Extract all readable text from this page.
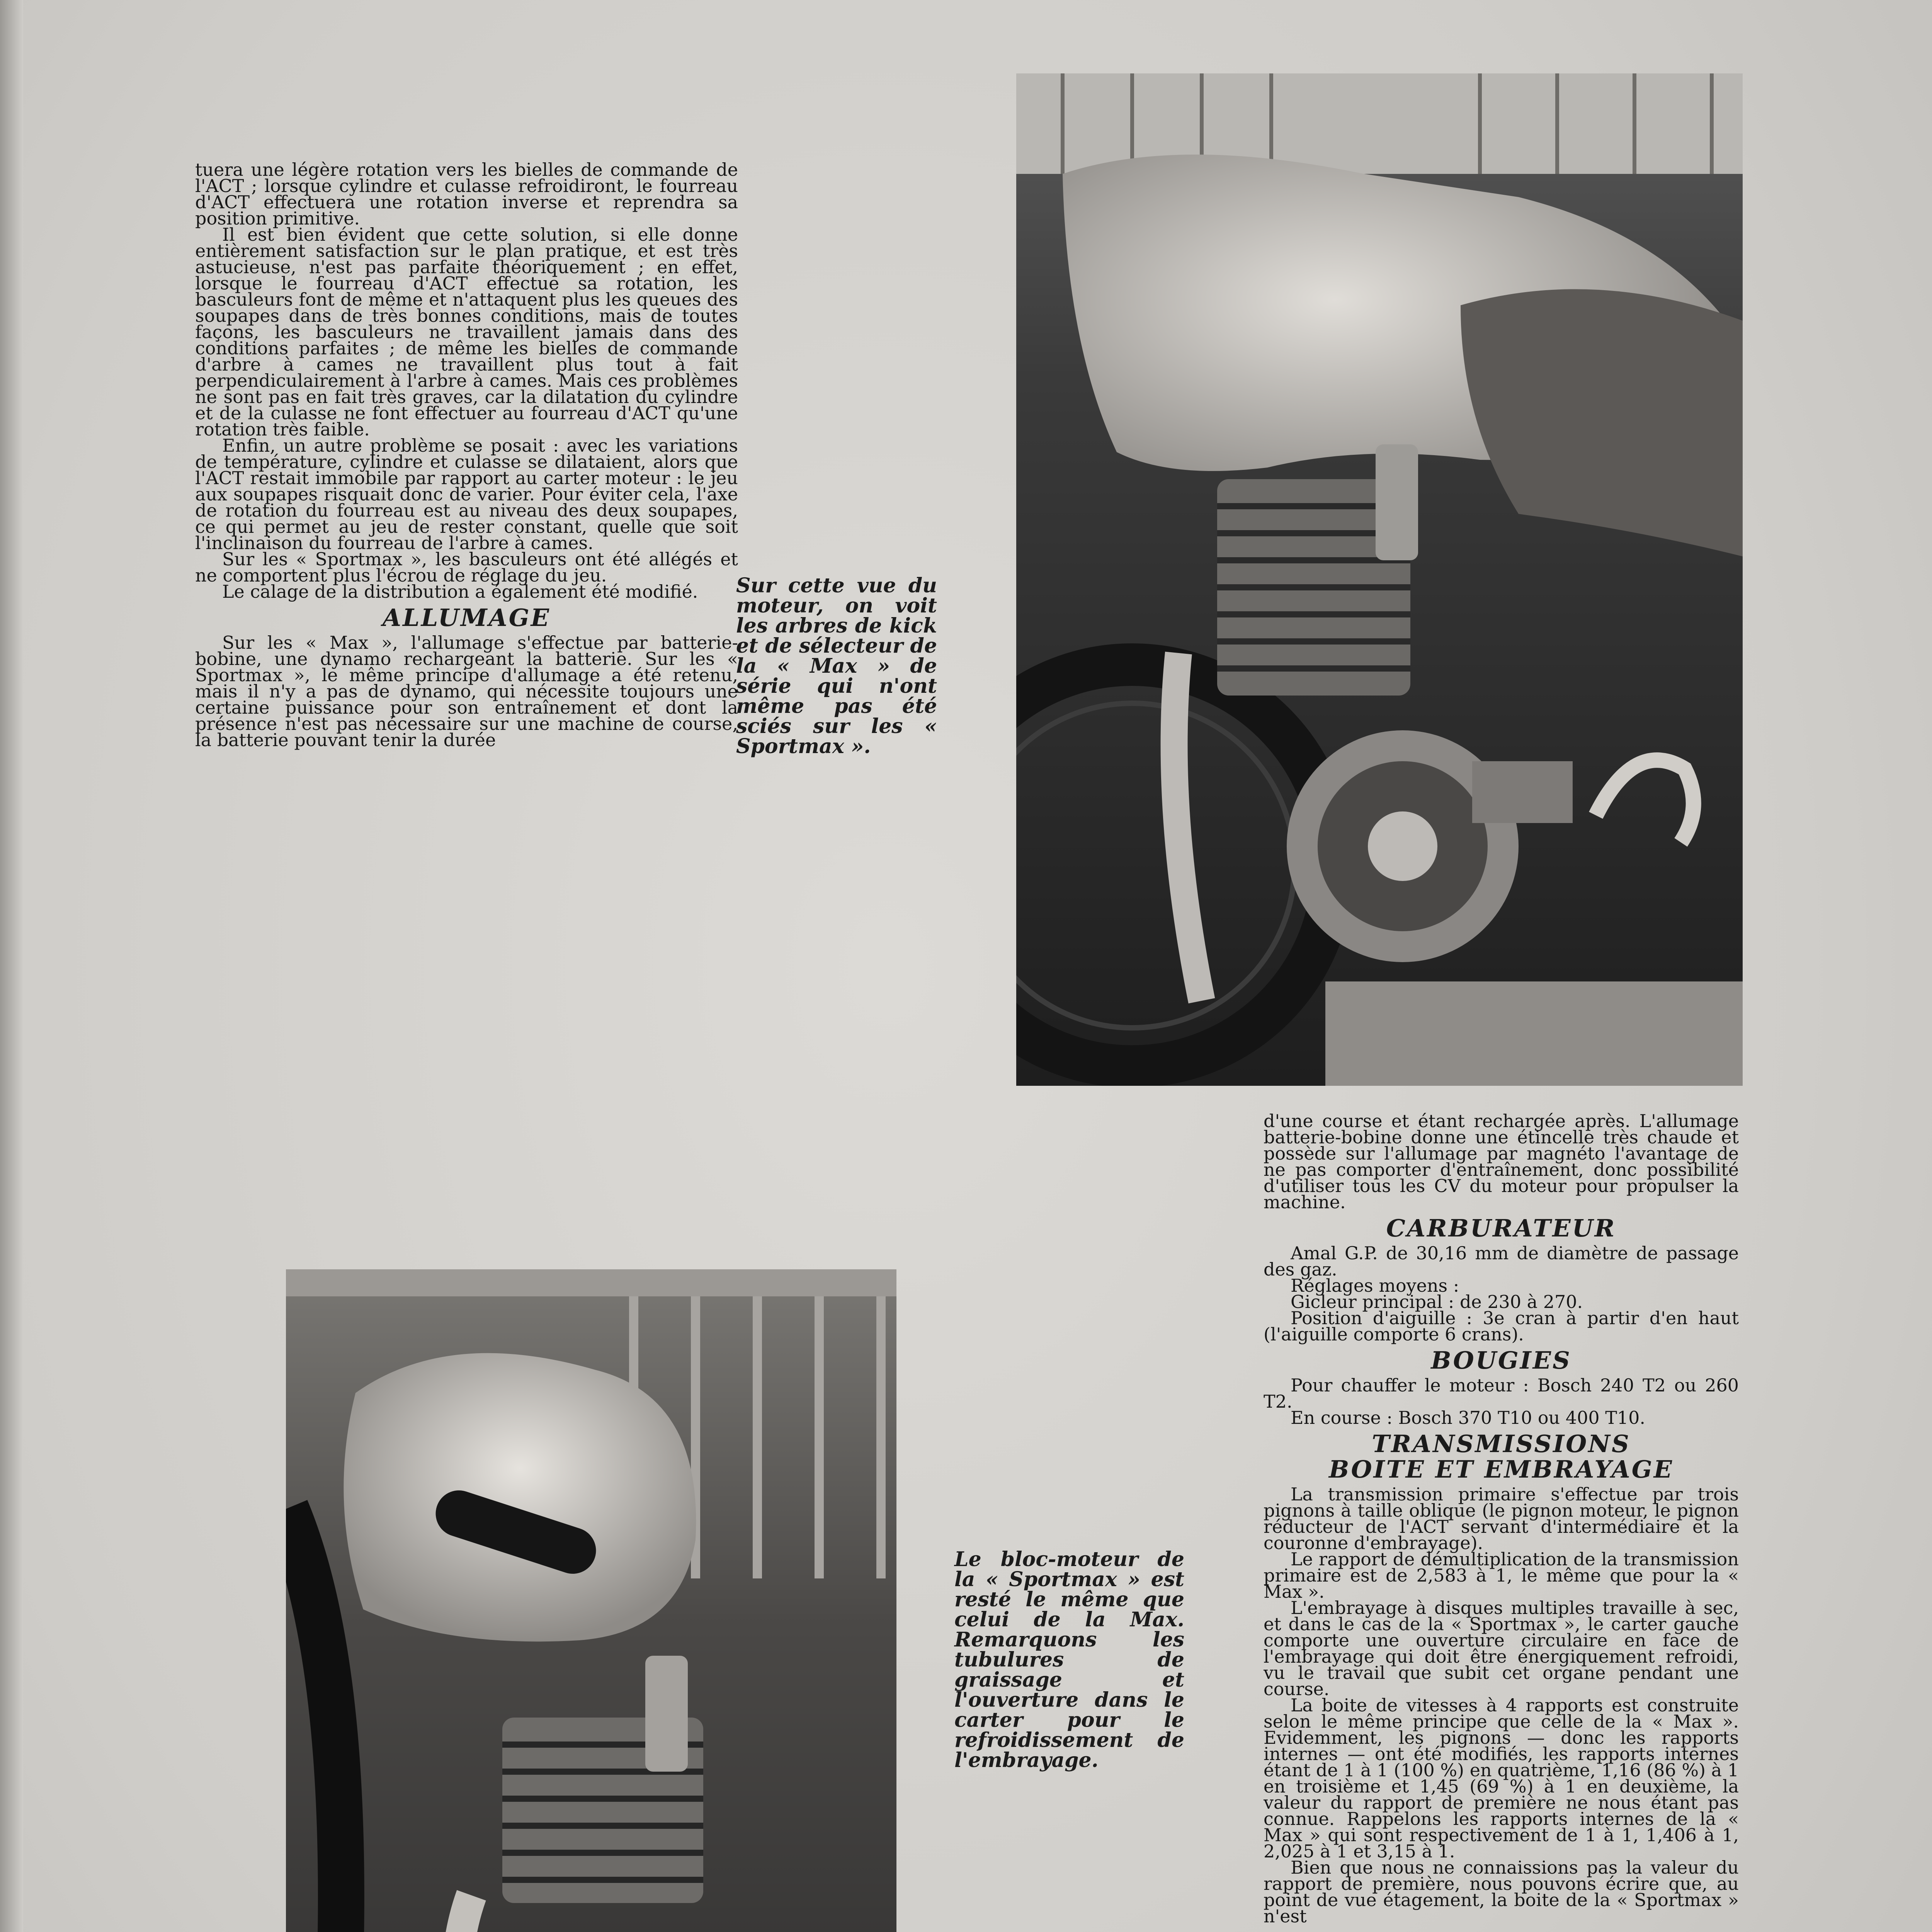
tuera une légère rotation vers les bielles de commande de l'ACT ; lorsque cylindre et culasse refroidiront, le fourreau d'ACT effectuera une rotation inverse et reprendra sa position primitive.

Il est bien évident que cette solution, si elle donne entièrement satisfaction sur le plan pratique, et est très astucieuse, n'est pas parfaite théoriquement ; en effet, lorsque le fourreau d'ACT effectue sa rotation, les basculeurs font de même et n'attaquent plus les queues des soupapes dans de très bonnes conditions, mais de toutes façons, les basculeurs ne travaillent jamais dans des conditions parfaites ; de même les bielles de commande d'arbre à cames ne travaillent plus tout à fait perpendiculairement à l'arbre à cames. Mais ces problèmes ne sont pas en fait très graves, car la dilatation du cylindre et de la culasse ne font effectuer au fourreau d'ACT qu'une rotation très faible.

Enfin, un autre problème se posait : avec les variations de température, cylindre et culasse se dilataient, alors que l'ACT restait immobile par rapport au carter moteur : le jeu aux soupapes risquait donc de varier. Pour éviter cela, l'axe de rotation du fourreau est au niveau des deux soupapes, ce qui permet au jeu de rester constant, quelle que soit l'inclinaison du fourreau de l'arbre à cames.

Sur les « Sportmax », les basculeurs ont été allégés et ne comportent plus l'écrou de réglage du jeu.

Le calage de la distribution a également été modifié.

ALLUMAGE

Sur les « Max », l'allumage s'effectue par batterie-bobine, une dynamo rechargeant la batterie. Sur les « Sportmax », le même principe d'allumage a été retenu, mais il n'y a pas de dynamo, qui nécessite toujours une certaine puissance pour son entraînement et dont la présence n'est pas nécessaire sur une machine de course, la batterie pouvant tenir la durée

Sur cette vue du moteur, on voit les arbres de kick et de sélecteur de la « Max » de série qui n'ont même pas été sciés sur les « Sportmax ».

d'une course et étant rechargée après. L'allumage batterie-bobine donne une étincelle très chaude et possède sur l'allumage par magnéto l'avantage de ne pas comporter d'entraînement, donc possibilité d'utiliser tous les CV du moteur pour propulser la machine.

CARBURATEUR

Amal G.P. de 30,16 mm de diamètre de passage des gaz.

Réglages moyens :

Gicleur principal : de 230 à 270.

Position d'aiguille : 3e cran à partir d'en haut (l'aiguille comporte 6 crans).

BOUGIES

Pour chauffer le moteur : Bosch 240 T2 ou 260 T2.

En course : Bosch 370 T10 ou 400 T10.

TRANSMISSIONS
BOITE ET EMBRAYAGE

La transmission primaire s'effectue par trois pignons à taille oblique (le pignon moteur, le pignon réducteur de l'ACT servant d'intermédiaire et la couronne d'embrayage).

Le rapport de démultiplication de la transmission primaire est de 2,583 à 1, le même que pour la « Max ».

L'embrayage à disques multiples travaille à sec, et dans le cas de la « Sportmax », le carter gauche comporte une ouverture circulaire en face de l'embrayage qui doit être énergiquement refroidi, vu le travail que subit cet organe pendant une course.

La boite de vitesses à 4 rapports est construite selon le même principe que celle de la « Max ». Evidemment, les pignons — donc les rapports internes — ont été modifiés, les rapports internes étant de 1 à 1 (100 %) en quatrième, 1,16 (86 %) à 1 en troisième et 1,45 (69 %) à 1 en deuxième, la valeur du rapport de première ne nous étant pas connue. Rappelons les rapports internes de la « Max » qui sont respectivement de 1 à 1, 1,406 à 1, 2,025 à 1 et 3,15 à 1.

Bien que nous ne connaissions pas la valeur du rapport de première, nous pouvons écrire que, au point de vue étagement, la boite de la « Sportmax » n'est

Le bloc-moteur de la « Sportmax » est resté le même que celui de la Max. Remarquons les tubulures de graissage et l'ouverture dans le carter pour le refroidissement de l'embrayage.
